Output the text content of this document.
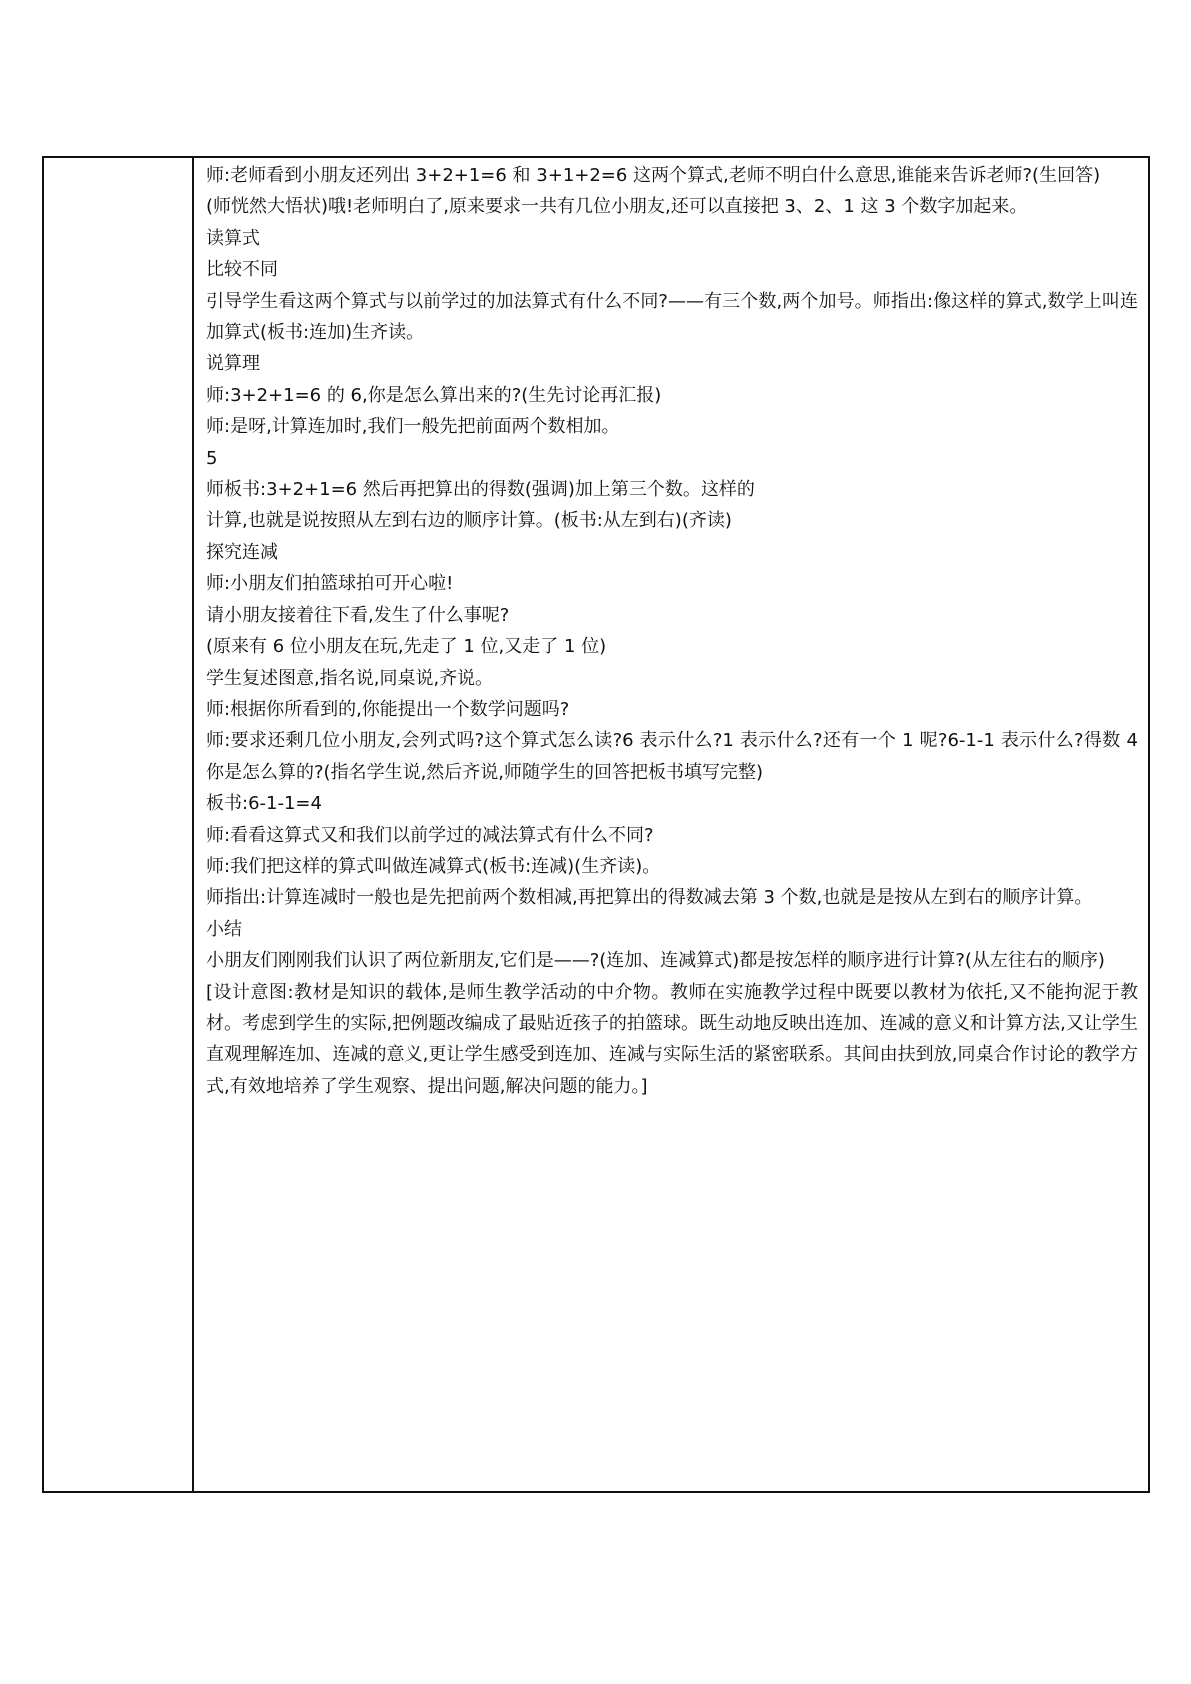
师:老师看到小朋友还列出 3+2+1=6 和 3+1+2=6 这两个算式,老师不明白什么意思,谁能来告诉老师?(生回答)

(师恍然大悟状)哦!老师明白了,原来要求一共有几位小朋友,还可以直接把 3、2、1 这 3 个数字加起来。

读算式

比较不同

引导学生看这两个算式与以前学过的加法算式有什么不同?——有三个数,两个加号。师指出:像这样的算式,数学上叫连加算式(板书:连加)生齐读。

说算理

师:3+2+1=6 的 6,你是怎么算出来的?(生先讨论再汇报)

师:是呀,计算连加时,我们一般先把前面两个数相加。

5

师板书:3+2+1=6 然后再把算出的得数(强调)加上第三个数。这样的

计算,也就是说按照从左到右边的顺序计算。(板书:从左到右)(齐读)

探究连减

师:小朋友们拍篮球拍可开心啦!

请小朋友接着往下看,发生了什么事呢?

(原来有 6 位小朋友在玩,先走了 1 位,又走了 1 位)

学生复述图意,指名说,同桌说,齐说。

师:根据你所看到的,你能提出一个数学问题吗?

师:要求还剩几位小朋友,会列式吗?这个算式怎么读?6 表示什么?1 表示什么?还有一个 1 呢?6-1-1 表示什么?得数 4 你是怎么算的?(指名学生说,然后齐说,师随学生的回答把板书填写完整)

板书:6-1-1=4

师:看看这算式又和我们以前学过的减法算式有什么不同?

师:我们把这样的算式叫做连减算式(板书:连减)(生齐读)。

师指出:计算连减时一般也是先把前两个数相减,再把算出的得数减去第 3 个数,也就是是按从左到右的顺序计算。

小结

小朋友们刚刚我们认识了两位新朋友,它们是——?(连加、连减算式)都是按怎样的顺序进行计算?(从左往右的顺序)

[设计意图:教材是知识的载体,是师生教学活动的中介物。教师在实施教学过程中既要以教材为依托,又不能拘泥于教材。考虑到学生的实际,把例题改编成了最贴近孩子的拍篮球。既生动地反映出连加、连减的意义和计算方法,又让学生直观理解连加、连减的意义,更让学生感受到连加、连减与实际生活的紧密联系。其间由扶到放,同桌合作讨论的教学方式,有效地培养了学生观察、提出问题,解决问题的能力。]
